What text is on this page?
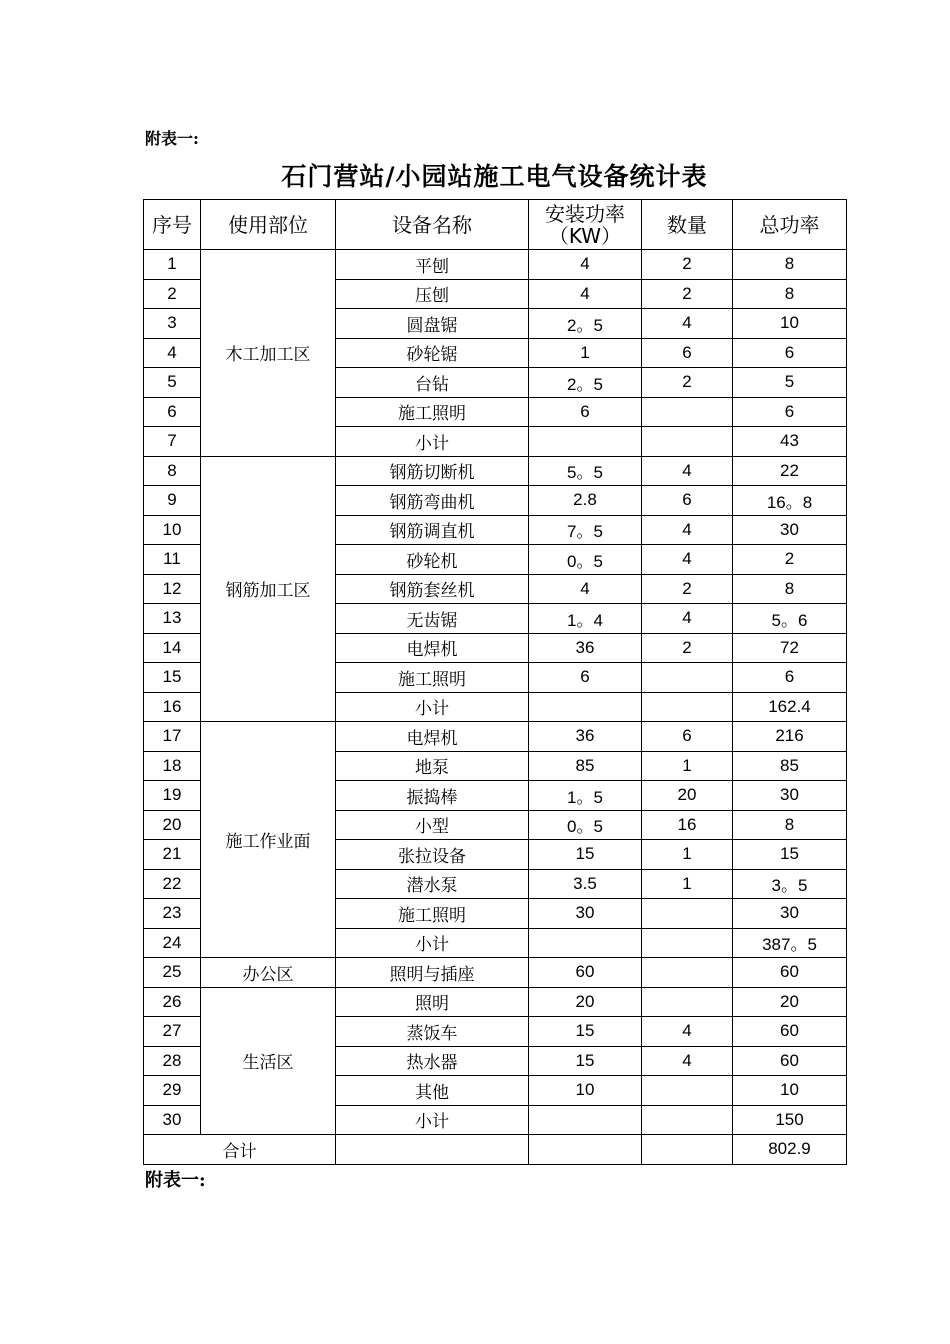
附表一:
石门营站/小园站施工电气设备统计表
序号	使用部位	设备名称	安装功率（KW）	数量	总功率
1	木工加工区	平刨	4	2	8
2		压刨	4	2	8
3		圆盘锯	2。5	4	10
4		砂轮锯	1	6	6
5		台钻	2。5	2	5
6		施工照明	6		6
7		小计			43
8	钢筋加工区	钢筋切断机	5。5	4	22
9		钢筋弯曲机	2.8	6	16。8
10		钢筋调直机	7。5	4	30
11		砂轮机	0。5	4	2
12		钢筋套丝机	4	2	8
13		无齿锯	1。4	4	5。6
14		电焊机	36	2	72
15		施工照明	6		6
16		小计			162.4
17	施工作业面	电焊机	36	6	216
18		地泵	85	1	85
19		振捣棒	1。5	20	30
20		小型	0。5	16	8
21		张拉设备	15	1	15
22		潜水泵	3.5	1	3。5
23		施工照明	30		30
24		小计			387。5
25	办公区	照明与插座	60		60
26	生活区	照明	20		20
27		蒸饭车	15	4	60
28		热水器	15	4	60
29		其他	10		10
30		小计			150
合计					802.9
附表一:
